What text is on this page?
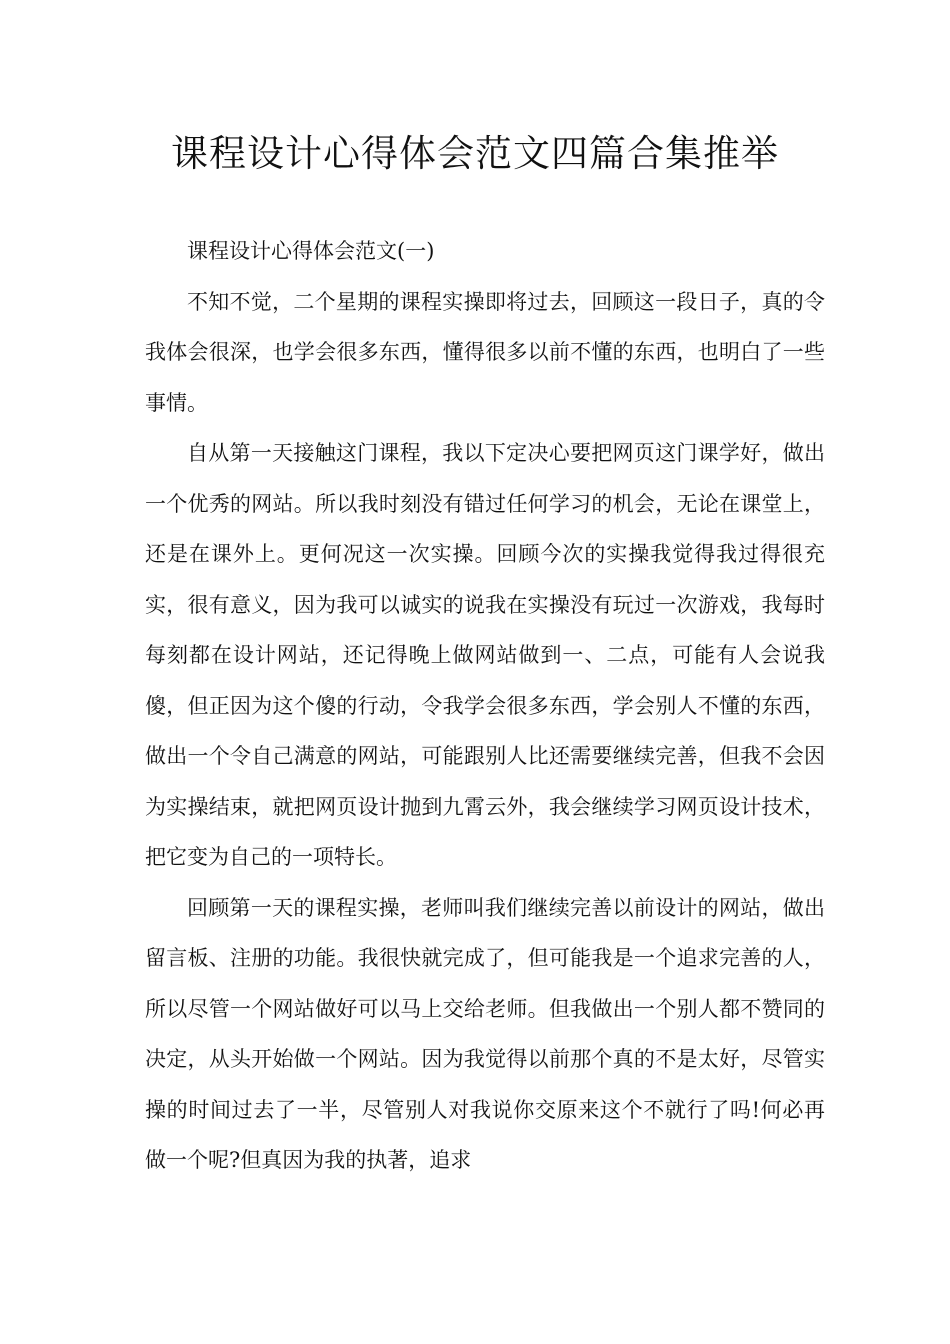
课程设计心得体会范文四篇合集推举

课程设计心得体会范文(一)

不知不觉，二个星期的课程实操即将过去，回顾这一段日子，真的令我体会很深，也学会很多东西，懂得很多以前不懂的东西，也明白了一些事情。

自从第一天接触这门课程，我以下定决心要把网页这门课学好，做出一个优秀的网站。所以我时刻没有错过任何学习的机会，无论在课堂上，还是在课外上。更何况这一次实操。回顾今次的实操我觉得我过得很充实，很有意义，因为我可以诚实的说我在实操没有玩过一次游戏，我每时每刻都在设计网站，还记得晚上做网站做到一、二点，可能有人会说我傻，但正因为这个傻的行动，令我学会很多东西，学会别人不懂的东西，做出一个令自己满意的网站，可能跟别人比还需要继续完善，但我不会因为实操结束，就把网页设计抛到九霄云外，我会继续学习网页设计技术，把它变为自己的一项特长。

回顾第一天的课程实操，老师叫我们继续完善以前设计的网站，做出留言板、注册的功能。我很快就完成了，但可能我是一个追求完善的人，所以尽管一个网站做好可以马上交给老师。但我做出一个别人都不赞同的决定，从头开始做一个网站。因为我觉得以前那个真的不是太好，尽管实操的时间过去了一半，尽管别人对我说你交原来这个不就行了吗!何必再做一个呢?但真因为我的执著，追求
